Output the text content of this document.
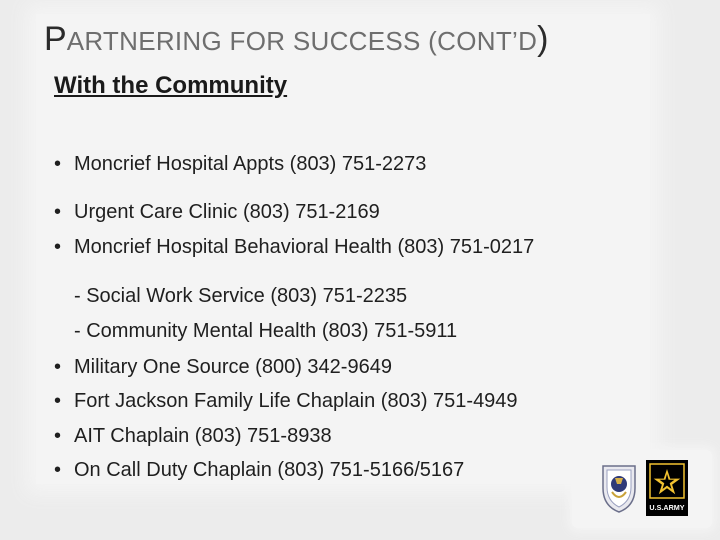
PARTNERING FOR SUCCESS (CONT’D)
With the Community
• Moncrief Hospital Appts (803) 751-2273
• Urgent Care Clinic (803) 751-2169
• Moncrief Hospital Behavioral Health (803) 751-0217
- Social Work Service (803) 751-2235
- Community Mental Health (803) 751-5911
• Military One Source (800) 342-9649
• Fort Jackson Family Life Chaplain (803) 751-4949
• AIT Chaplain (803) 751-8938
• On Call Duty Chaplain (803) 751-5166/5167
U.S.ARMY
